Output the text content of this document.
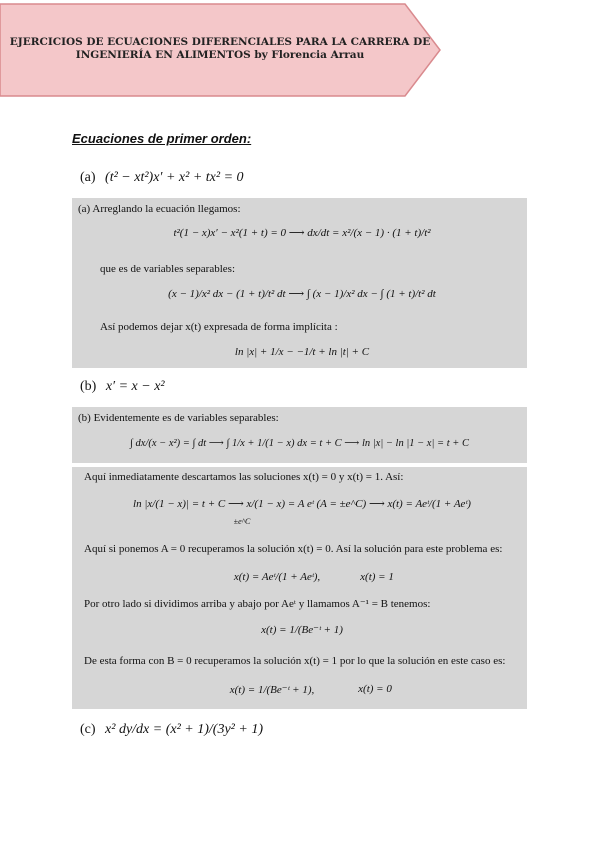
EJERCICIOS DE ECUACIONES DIFERENCIALES PARA LA CARRERA DE
INGENIERÍA EN ALIMENTOS by Florencia Arrau
Ecuaciones de primer orden:
(a) (t² − xt²)x′ + x² + tx² = 0
(a) Arreglando la ecuación llegamos:
t²(1 − x)x′ − x²(1 + t) = 0 ⟶ dx/dt = x²/(x − 1) · (1 + t)/t²
que es de variables separables:
(x − 1)/x² dx − (1 + t)/t² dt ⟶ ∫ (x − 1)/x² dx − ∫ (1 + t)/t² dt
Así podemos dejar x(t) expresada de forma implícita :
ln |x| + 1/x − −1/t + ln |t| + C
(b) x′ = x − x²
(b) Evidentemente es de variables separables:
∫ dx/(x − x²) = ∫ dt ⟶ ∫ 1/x + 1/(1 − x) dx = t + C ⟶ ln |x| − ln |1 − x| = t + C
Aquí inmediatamente descartamos las soluciones x(t) = 0 y x(t) = 1. Así:
ln |x/(1 − x)| = t + C ⟶ x/(1 − x) = A eᵗ (A = ±e^C) ⟶ x(t) = Aeᵗ/(1 + Aeᵗ)
±e^C
Aquí si ponemos A = 0 recuperamos la solución x(t) = 0. Así la solución para este problema es:
x(t) = Aeᵗ/(1 + Aeᵗ),	x(t) = 1
Por otro lado si dividimos arriba y abajo por Aeᵗ y llamamos A⁻¹ = B tenemos:
x(t) = 1/(Be⁻ᵗ + 1)
De esta forma con B = 0 recuperamos la solución x(t) = 1 por lo que la solución en este caso es:
x(t) = 1/(Be⁻ᵗ + 1),	x(t) = 0
(c) x² dy/dx = (x² + 1)/(3y² + 1)
